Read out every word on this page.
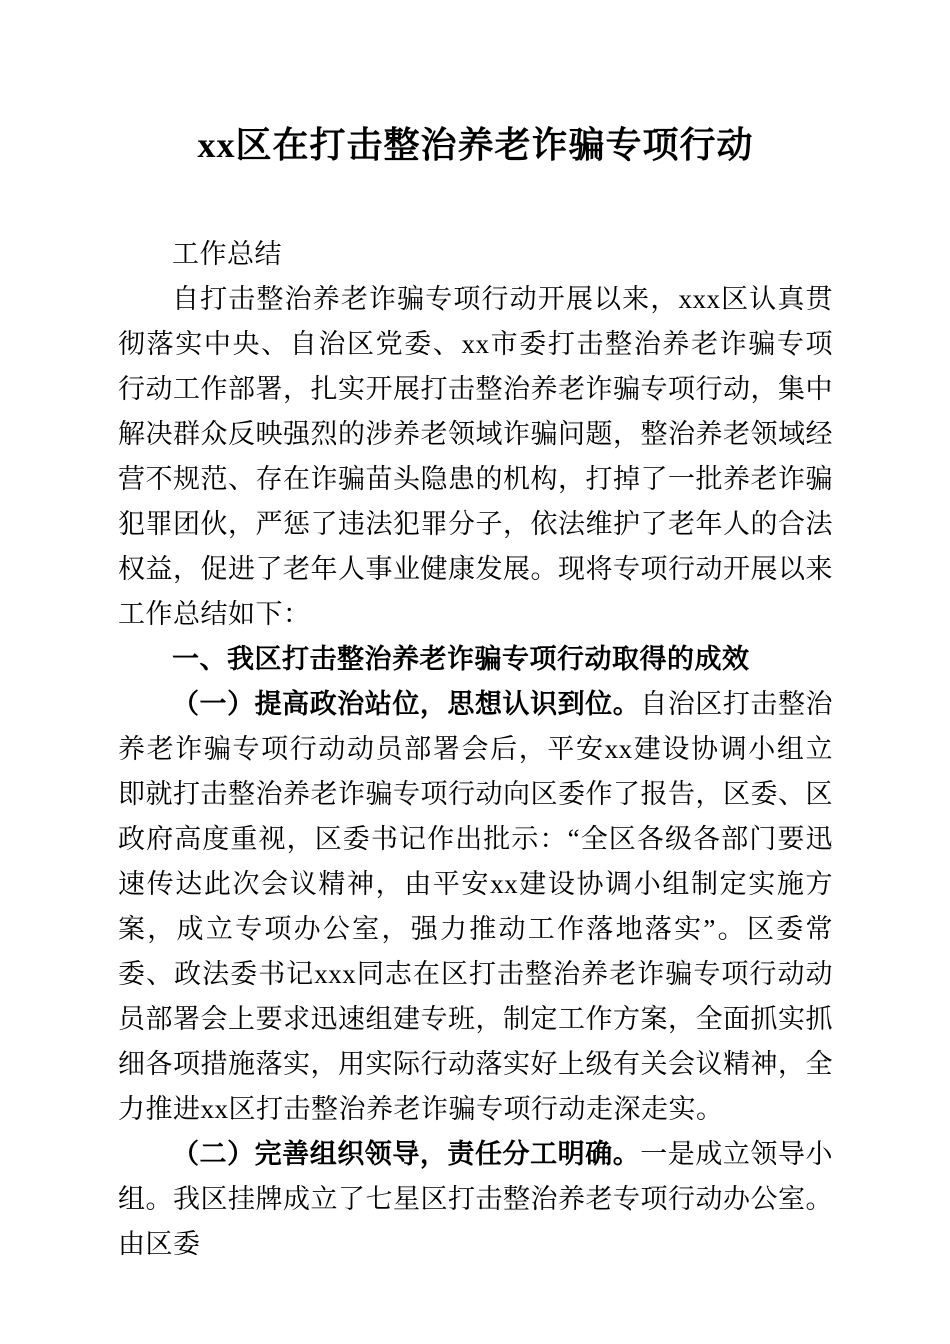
xx区在打击整治养老诈骗专项行动

工作总结

自打击整治养老诈骗专项行动开展以来，xxx区认真贯彻落实中央、自治区党委、xx市委打击整治养老诈骗专项行动工作部署，扎实开展打击整治养老诈骗专项行动，集中解决群众反映强烈的涉养老领域诈骗问题，整治养老领域经营不规范、存在诈骗苗头隐患的机构，打掉了一批养老诈骗犯罪团伙，严惩了违法犯罪分子，依法维护了老年人的合法权益，促进了老年人事业健康发展。现将专项行动开展以来工作总结如下：

一、我区打击整治养老诈骗专项行动取得的成效

（一）提高政治站位，思想认识到位。自治区打击整治养老诈骗专项行动动员部署会后，平安xx建设协调小组立即就打击整治养老诈骗专项行动向区委作了报告，区委、区政府高度重视，区委书记作出批示：“全区各级各部门要迅速传达此次会议精神，由平安xx建设协调小组制定实施方案，成立专项办公室，强力推动工作落地落实”。区委常委、政法委书记xxx同志在区打击整治养老诈骗专项行动动员部署会上要求迅速组建专班，制定工作方案，全面抓实抓细各项措施落实，用实际行动落实好上级有关会议精神，全力推进xx区打击整治养老诈骗专项行动走深走实。

（二）完善组织领导，责任分工明确。一是成立领导小组。我区挂牌成立了七星区打击整治养老专项行动办公室。由区委
